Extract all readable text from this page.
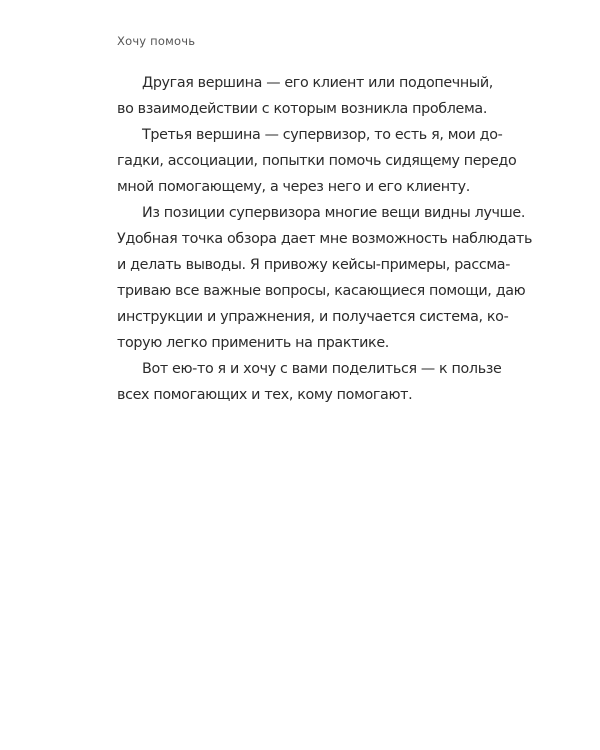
Хочу помочь
Другая вершина — его клиент или подопечный,
во взаимодействии с которым возникла проблема.
Третья вершина — супервизор, то есть я, мои до-
гадки, ассоциации, попытки помочь сидящему передо
мной помогающему, а через него и его клиенту.
Из позиции супервизора многие вещи видны лучше.
Удобная точка обзора дает мне возможность наблюдать
и делать выводы. Я привожу кейсы-примеры, рассма-
триваю все важные вопросы, касающиеся помощи, даю
инструкции и упражнения, и получается система, ко-
торую легко применить на практике.
Вот ею-то я и хочу с вами поделиться — к пользе
всех помогающих и тех, кому помогают.
